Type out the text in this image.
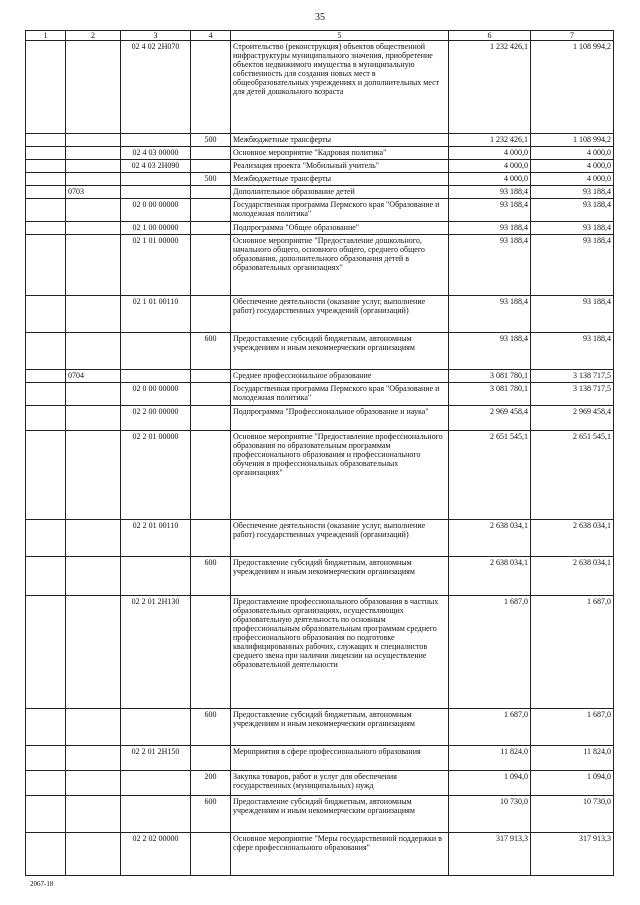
35
1	2	3	4	5	6	7
		02 4 02 2Н070		Строительство (реконструкция) объектов общественной инфраструктуры муниципального значения, приобретение объектов недвижимого имущества в муниципальную собственность для создания новых мест в общеобразовательных учреждениях и дополнительных мест для детей дошкольного возраста	1 232 426,1	1 108 994,2
			500	Межбюджетные трансферты	1 232 426,1	1 108 994,2
		02 4 03 00000		Основное мероприятие "Кадровая политика"	4 000,0	4 000,0
		02 4 03 2Н090		Реализация проекта "Мобильный учитель"	4 000,0	4 000,0
			500	Межбюджетные трансферты	4 000,0	4 000,0
	0703			Дополнительное образование детей	93 188,4	93 188,4
		02 0 00 00000		Государственная программа Пермского края "Образование и молодежная политика"	93 188,4	93 188,4
		02 1 00 00000		Подпрограмма "Общее образование"	93 188,4	93 188,4
		02 1 01 00000		Основное мероприятие "Предоставление дошкольного, начального общего, основного общего, среднего общего образования, дополнительного образования детей в образовательных организациях"	93 188,4	93 188,4
		02 1 01 00110		Обеспечение деятельности (оказание услуг, выполнение работ) государственных учреждений (организаций)	93 188,4	93 188,4
			600	Предоставление субсидий бюджетным, автономным учреждениям и иным некоммерческим организациям	93 188,4	93 188,4
	0704			Среднее профессиональное образование	3 081 780,1	3 138 717,5
		02 0 00 00000		Государственная программа Пермского края "Образование и молодежная политика"	3 081 780,1	3 138 717,5
		02 2 00 00000		Подпрограмма "Профессиональное образование и наука"	2 969 458,4	2 969 458,4
		02 2 01 00000		Основное мероприятие "Предоставление профессионального образования по образовательным программам профессионального образования и профессионального обучения в профессиональных образовательных организациях"	2 651 545,1	2 651 545,1
		02 2 01 00110		Обеспечение деятельности (оказание услуг, выполнение работ) государственных учреждений (организаций)	2 638 034,1	2 638 034,1
			600	Предоставление субсидий бюджетным, автономным учреждениям и иным некоммерческим организациям	2 638 034,1	2 638 034,1
		02 2 01 2Н130		Предоставление профессионального образования в частных образовательных организациях, осуществляющих образовательную деятельность по основным профессиональным образовательным программам среднего профессионального образования по подготовке квалифицированных рабочих, служащих и специалистов среднего звена при наличии лицензии на осуществление образовательной деятельности	1 687,0	1 687,0
			600	Предоставление субсидий бюджетным, автономным учреждениям и иным некоммерческим организациям	1 687,0	1 687,0
		02 2 01 2Н150		Мероприятия в сфере профессионального образования	11 824,0	11 824,0
			200	Закупка товаров, работ и услуг для обеспечения государственных (муниципальных) нужд	1 094,0	1 094,0
			600	Предоставление субсидий бюджетным, автономным учреждениям и иным некоммерческим организациям	10 730,0	10 730,0
		02 2 02 00000		Основное мероприятие "Меры государственной поддержки в сфере профессионального образования"	317 913,3	317 913,3
2067-18
